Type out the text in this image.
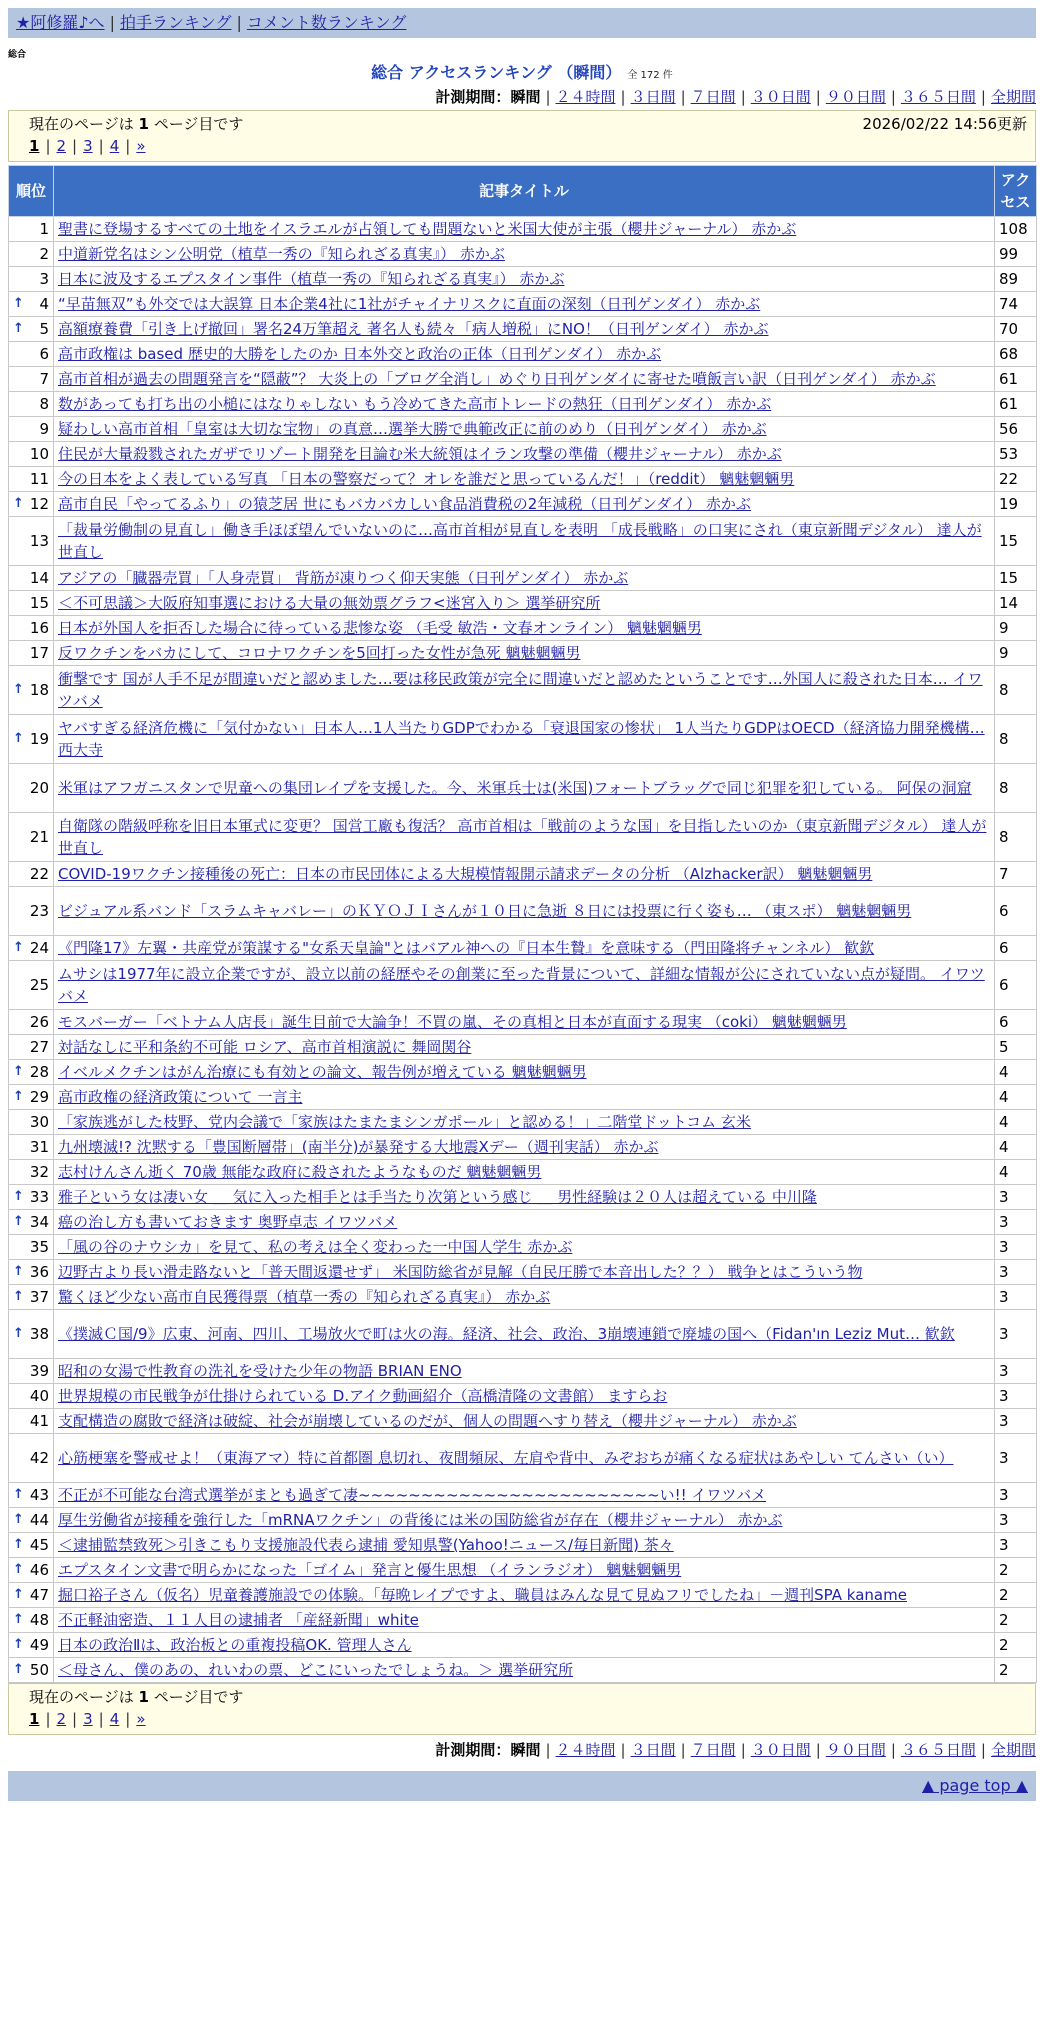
★阿修羅♪へ | 拍手ランキング | コメント数ランキング
総合
総合 アクセスランキング （瞬間） 全 172 件
計測期間：瞬間 | ２４時間 | ３日間 | ７日間 | ３０日間 | ９０日間 | ３６５日間 | 全期間
現在のページは 1 ページ目です	2026/02/22 14:56更新
1 | 2 | 3 | 4 | »
順位	記事タイトル	アクセス
1	聖書に登場するすべての土地をイスラエルが占領しても問題ないと米国大使が主張（櫻井ジャーナル） 赤かぶ	108
2	中道新党名はシン公明党（植草一秀の『知られざる真実』） 赤かぶ	99
3	日本に波及するエプスタイン事件（植草一秀の『知られざる真実』） 赤かぶ	89

↑ 4	“早苗無双”も外交では大誤算 日本企業4社に1社がチャイナリスクに直面の深刻（日刊ゲンダイ） 赤かぶ	74

↑ 5	高額療養費「引き上げ撤回」署名24万筆超え 著名人も続々「病人増税」にNO！（日刊ゲンダイ） 赤かぶ	70
6	高市政権は based 歴史的大勝をしたのか 日本外交と政治の正体（日刊ゲンダイ） 赤かぶ	68
7	高市首相が過去の問題発言を“隠蔽”？ 大炎上の「ブログ全消し」めぐり日刊ゲンダイに寄せた噴飯言い訳（日刊ゲンダイ） 赤かぶ	61
8	数があっても打ち出の小槌にはなりゃしない もう冷めてきた高市トレードの熱狂（日刊ゲンダイ） 赤かぶ	61
9	疑わしい高市首相「皇室は大切な宝物」の真意…選挙大勝で典範改正に前のめり（日刊ゲンダイ） 赤かぶ	56
10	住民が大量殺戮されたガザでリゾート開発を目論む米大統領はイラン攻撃の準備（櫻井ジャーナル） 赤かぶ	53
11	今の日本をよく表している写真 「日本の警察だって？オレを誰だと思っているんだ！」（reddit） 魑魅魍魎男	22

↑ 12	高市自民「やってるふり」の猿芝居 世にもバカバカしい食品消費税の2年減税（日刊ゲンダイ） 赤かぶ	19
13	「裁量労働制の見直し」働き手ほぼ望んでいないのに…高市首相が見直しを表明 「成長戦略」の口実にされ（東京新聞デジタル） 達人が世直し	15
14	アジアの「臓器売買」「人身売買」 背筋が凍りつく仰天実態（日刊ゲンダイ） 赤かぶ	15
15	＜不可思議＞大阪府知事選における大量の無効票グラフ<迷宮入り＞ 選挙研究所	14
16	日本が外国人を拒否した場合に待っている悲惨な姿 （毛受 敏浩・文春オンライン） 魑魅魍魎男	9
17	反ワクチンをバカにして、コロナワクチンを5回打った女性が急死 魑魅魍魎男	9

↑ 18	衝撃です 国が人手不足が間違いだと認めました…要は移民政策が完全に間違いだと認めたということです…外国人に殺された日本… イワツバメ	8

↑ 19	ヤバすぎる経済危機に「気付かない」日本人…1人当たりGDPでわかる「衰退国家の惨状」 1人当たりGDPはOECD（経済協力開発機構… 西大寺	8
20	米軍はアフガニスタンで児童への集団レイプを支援した。今、米軍兵士は(米国)フォートブラッグで同じ犯罪を犯している。 阿保の洞窟	8
21	自衛隊の階級呼称を旧日本軍式に変更？ 国営工廠も復活？ 高市首相は「戦前のような国」を目指したいのか（東京新聞デジタル） 達人が世直し	8
22	COVID-19ワクチン接種後の死亡：日本の市民団体による大規模情報開示請求データの分析 （Alzhacker訳） 魑魅魍魎男	7
23	ビジュアル系バンド「スラムキャバレー」のＫＹＯＪＩさんが１０日に急逝 ８日には投票に行く姿も… （東スポ） 魑魅魍魎男	6

↑ 24	《門隆17》左翼・共産党が策謀する"女系天皇論"とはバアル神への『日本生贄』を意味する（門田隆将チャンネル） 歓欽	6
25	ムサシは1977年に設立企業ですが、設立以前の経歴やその創業に至った背景について、詳細な情報が公にされていない点が疑問。 イワツバメ	6
26	モスバーガー「ベトナム人店長」誕生目前で大論争！不買の嵐、その真相と日本が直面する現実 （coki） 魑魅魍魎男	6
27	対話なしに平和条約不可能 ロシア、高市首相演説に 舞岡関谷	5

↑ 28	イベルメクチンはがん治療にも有効との論文、報告例が増えている 魑魅魍魎男	4

↑ 29	高市政権の経済政策について 一言主	4
30	「家族逃がした枝野、党内会議で「家族はたまたまシンガポール」と認める！」二階堂ドットコム 玄米	4
31	九州壊滅!? 沈黙する「豊国断層帯」(南半分)が暴発する大地震Xデー（週刊実話） 赤かぶ	4
32	志村けんさん逝く 70歳 無能な政府に殺されたようなものだ 魑魅魍魎男	4

↑ 33	雅子という女は凄い女 ＿ 気に入った相手とは手当たり次第という感じ ＿ 男性経験は２０人は超えている 中川隆	3

↑ 34	癌の治し方も書いておきます 奥野卓志 イワツバメ	3
35	「風の谷のナウシカ」を見て、私の考えは全く変わった一中国人学生 赤かぶ	3

↑ 36	辺野古より長い滑走路ないと「普天間返還せず」 米国防総省が見解（自民圧勝で本音出した？？） 戦争とはこういう物	3

↑ 37	驚くほど少ない高市自民獲得票（植草一秀の『知られざる真実』） 赤かぶ	3

↑ 38	《撲滅Ｃ国/9》広東、河南、四川、工場放火で町は火の海。経済、社会、政治、3崩壊連鎖で廃墟の国へ（Fidan'ın Leziz Mut… 歓欽	3
39	昭和の女湯で性教育の洗礼を受けた少年の物語 BRIAN ENO	3
40	世界規模の市民戦争が仕掛けられている D.アイク動画紹介（高橋清隆の文書館） ますらお	3
41	支配構造の腐敗で経済は破綻、社会が崩壊しているのだが、個人の問題へすり替え（櫻井ジャーナル） 赤かぶ	3
42	心筋梗塞を警戒せよ！（東海アマ）特に首都圏 息切れ、夜間頻尿、左肩や背中、みぞおちが痛くなる症状はあやしい てんさい（い）	3

↑ 43	不正が不可能な台湾式選挙がまとも過ぎて凄~~~~~~~~~~~~~~~~~~~~~~~~い!! イワツバメ	3

↑ 44	厚生労働省が接種を強行した「mRNAワクチン」の背後には米の国防総省が存在（櫻井ジャーナル） 赤かぶ	3

↑ 45	＜逮捕監禁致死＞引きこもり支援施設代表ら逮捕 愛知県警(Yahoo!ニュース/毎日新聞) 茶々	3

↑ 46	エプスタイン文書で明らかになった「ゴイム」発言と優生思想 （イランラジオ） 魑魅魍魎男	2

↑ 47	掘口裕子さん（仮名）児童養護施設での体験。「毎晩レイプですよ、職員はみんな見て見ぬフリでしたね」－週刊SPA kaname	2

↑ 48	不正軽油密造、１１人目の逮捕者 「産経新聞」white	2

↑ 49	日本の政治Ⅱは、政治板との重複投稿OK. 管理人さん	2

↑ 50	＜母さん、僕のあの、れいわの票、どこにいったでしょうね。＞ 選挙研究所	2
現在のページは 1 ページ目です
1 | 2 | 3 | 4 | »
計測期間：瞬間 | ２４時間 | ３日間 | ７日間 | ３０日間 | ９０日間 | ３６５日間 | 全期間
▲ page top ▲
